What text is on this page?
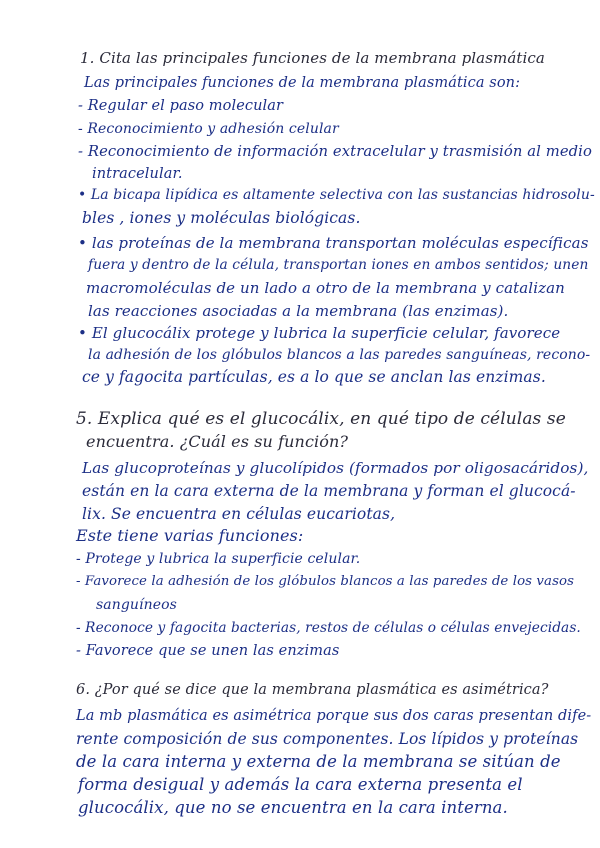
1. Cita las principales funciones de la membrana plasmática
Las principales funciones de la membrana plasmática son:
- Regular el paso molecular
- Reconocimiento y adhesión celular
- Reconocimiento de información extracelular y trasmisión al medio
intracelular.
• La bicapa lipídica es altamente selectiva con las sustancias hidrosolu-
bles , iones y moléculas biológicas.
• las proteínas de la membrana transportan moléculas específicas
fuera y dentro de la célula, transportan iones en ambos sentidos; unen
macromoléculas de un lado a otro de la membrana y catalizan
las reacciones asociadas a la membrana (las enzimas).
• El glucocálix protege y lubrica la superficie celular, favorece
la adhesión de los glóbulos blancos a las paredes sanguíneas, recono-
ce y fagocita partículas, es a lo que se anclan las enzimas.
5. Explica qué es el glucocálix, en qué tipo de células se
encuentra. ¿Cuál es su función?
Las glucoproteínas y glucolípidos (formados por oligosacáridos),
están en la cara externa de la membrana y forman el glucocá-
lix. Se encuentra en células eucariotas,
Este tiene varias funciones:
- Protege y lubrica la superficie celular.
- Favorece la adhesión de los glóbulos blancos a las paredes de los vasos
sanguíneos
- Reconoce y fagocita bacterias, restos de células o células envejecidas.
- Favorece que se unen las enzimas
6. ¿Por qué se dice que la membrana plasmática es asimétrica?
La mb plasmática es asimétrica porque sus dos caras presentan dife-
rente composición de sus componentes. Los lípidos y proteínas
de la cara interna y externa de la membrana se sitúan de
forma desigual y además la cara externa presenta el
glucocálix, que no se encuentra en la cara interna.
